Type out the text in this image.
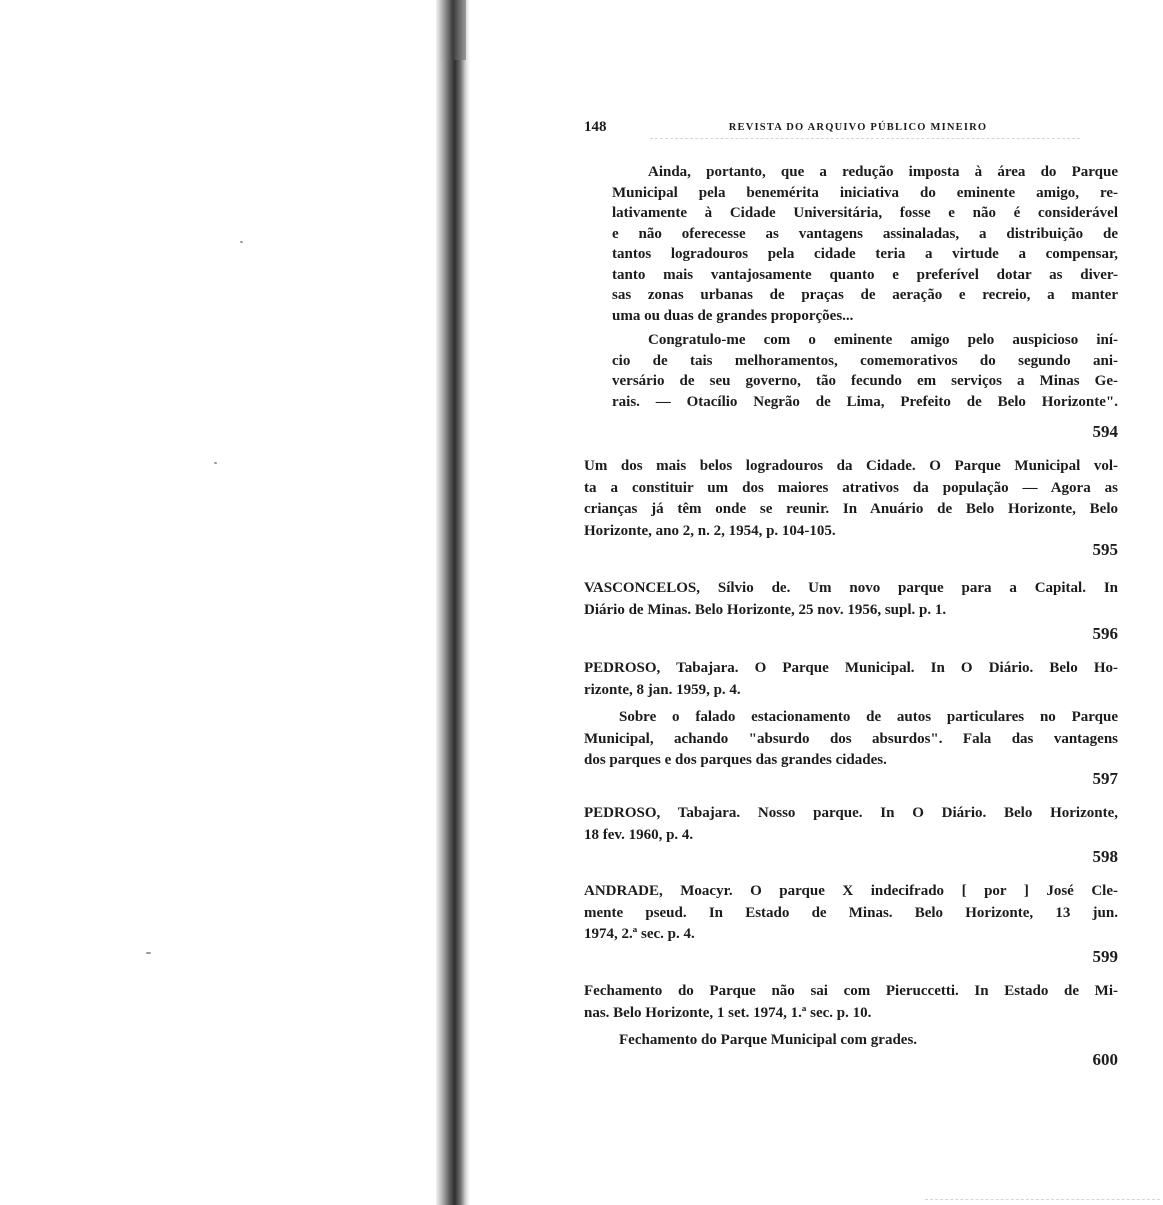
148	REVISTA DO ARQUIVO PÚBLICO MINEIRO
Ainda, portanto, que a redução imposta à área do Parque
Municipal pela benemérita iniciativa do eminente amigo, re-
lativamente à Cidade Universitária, fosse e não é considerável
e não oferecesse as vantagens assinaladas, a distribuição de
tantos logradouros pela cidade teria a virtude a compensar,
tanto mais vantajosamente quanto e preferível dotar as diver-
sas zonas urbanas de praças de aeração e recreio, a manter
uma ou duas de grandes proporções...
Congratulo-me com o eminente amigo pelo auspicioso iní-
cio de tais melhoramentos, comemorativos do segundo ani-
versário de seu governo, tão fecundo em serviços a Minas Ge-
rais. — Otacílio Negrão de Lima, Prefeito de Belo Horizonte".
594
Um dos mais belos logradouros da Cidade. O Parque Municipal vol-
ta a constituir um dos maiores atrativos da população — Agora as
crianças já têm onde se reunir. In Anuário de Belo Horizonte, Belo
Horizonte, ano 2, n. 2, 1954, p. 104-105.
595
VASCONCELOS, Sílvio de. Um novo parque para a Capital. In
Diário de Minas. Belo Horizonte, 25 nov. 1956, supl. p. 1.
596
PEDROSO, Tabajara. O Parque Municipal. In O Diário. Belo Ho-
rizonte, 8 jan. 1959, p. 4.
Sobre o falado estacionamento de autos particulares no Parque
Municipal, achando "absurdo dos absurdos". Fala das vantagens
dos parques e dos parques das grandes cidades.
597
PEDROSO, Tabajara. Nosso parque. In O Diário. Belo Horizonte,
18 fev. 1960, p. 4.
598
ANDRADE, Moacyr. O parque X indecifrado [ por ] José Cle-
mente pseud. In Estado de Minas. Belo Horizonte, 13 jun.
1974, 2.ª sec. p. 4.
599
Fechamento do Parque não sai com Pieruccetti. In Estado de Mi-
nas. Belo Horizonte, 1 set. 1974, 1.ª sec. p. 10.
Fechamento do Parque Municipal com grades.
600
